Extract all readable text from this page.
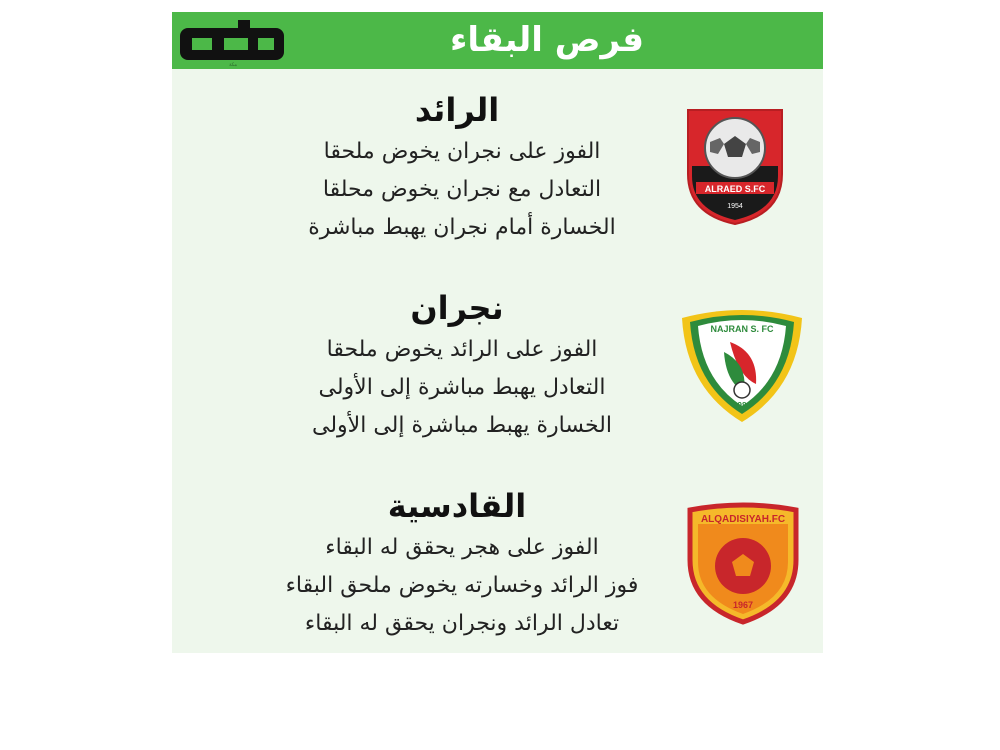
مكة
فرص البقاء
الرائد
الفوز على نجران يخوض ملحقا
التعادل مع نجران يخوض محلقا
الخسارة أمام نجران يهبط مباشرة
ALRAED S.FC
1954
نجران
الفوز على الرائد يخوض ملحقا
التعادل يهبط مباشرة إلى الأولى
الخسارة يهبط مباشرة إلى الأولى
NAJRAN S. FC
1980
القادسية
الفوز على هجر يحقق له البقاء
فوز الرائد وخسارته يخوض ملحق البقاء
تعادل الرائد ونجران يحقق له البقاء
ALQADISIYAH.FC
1967
